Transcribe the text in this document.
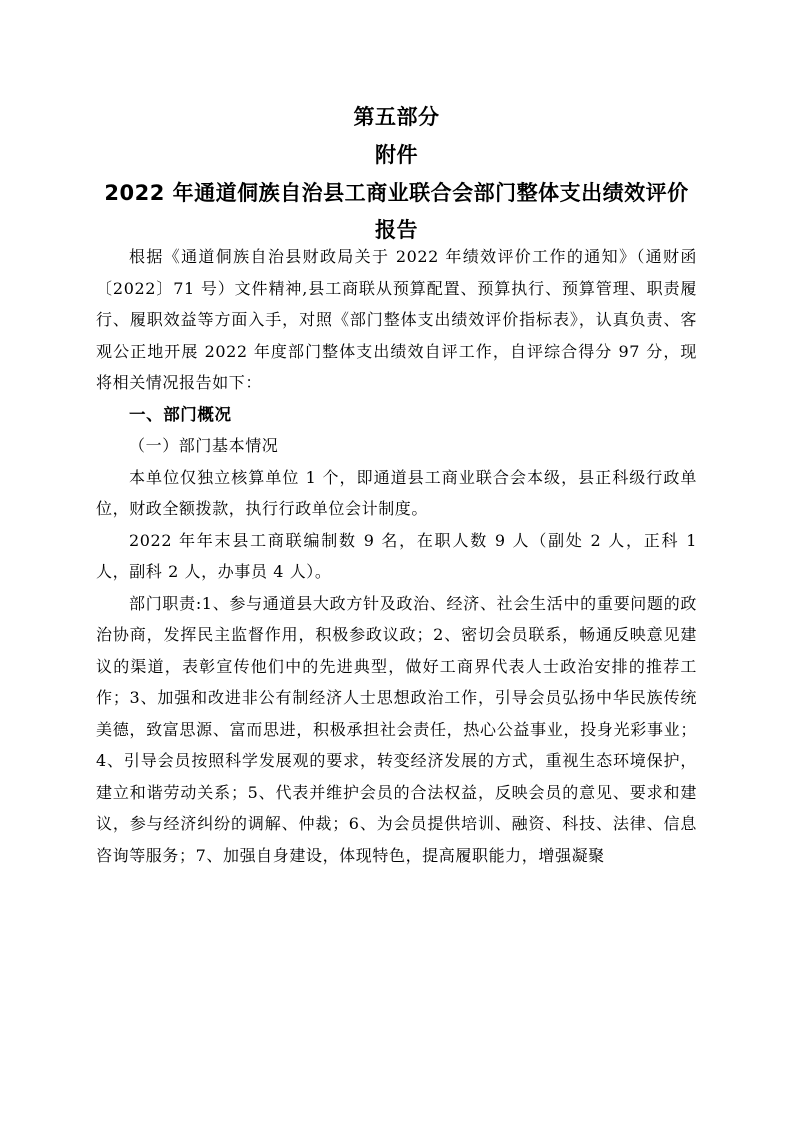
第五部分
附件
2022 年通道侗族自治县工商业联合会部门整体支出绩效评价
报告

根据《通道侗族自治县财政局关于 2022 年绩效评价工作的通知》（通财函〔2022〕71 号）文件精神,县工商联从预算配置、预算执行、预算管理、职责履行、履职效益等方面入手，对照《部门整体支出绩效评价指标表》，认真负责、客观公正地开展 2022 年度部门整体支出绩效自评工作，自评综合得分 97 分，现将相关情况报告如下：

一、部门概况

（一）部门基本情况

本单位仅独立核算单位 1 个，即通道县工商业联合会本级，县正科级行政单位，财政全额拨款，执行行政单位会计制度。

2022 年年末县工商联编制数 9 名，在职人数 9 人（副处 2 人，正科 1 人，副科 2 人，办事员 4 人）。

部门职责:1、参与通道县大政方针及政治、经济、社会生活中的重要问题的政治协商，发挥民主监督作用，积极参政议政；2、密切会员联系，畅通反映意见建议的渠道，表彰宣传他们中的先进典型，做好工商界代表人士政治安排的推荐工作；3、加强和改进非公有制经济人士思想政治工作，引导会员弘扬中华民族传统美德，致富思源、富而思进，积极承担社会责任，热心公益事业，投身光彩事业；4、引导会员按照科学发展观的要求，转变经济发展的方式，重视生态环境保护，建立和谐劳动关系；5、代表并维护会员的合法权益，反映会员的意见、要求和建议，参与经济纠纷的调解、仲裁；6、为会员提供培训、融资、科技、法律、信息咨询等服务；7、加强自身建设，体现特色，提高履职能力，增强凝聚
